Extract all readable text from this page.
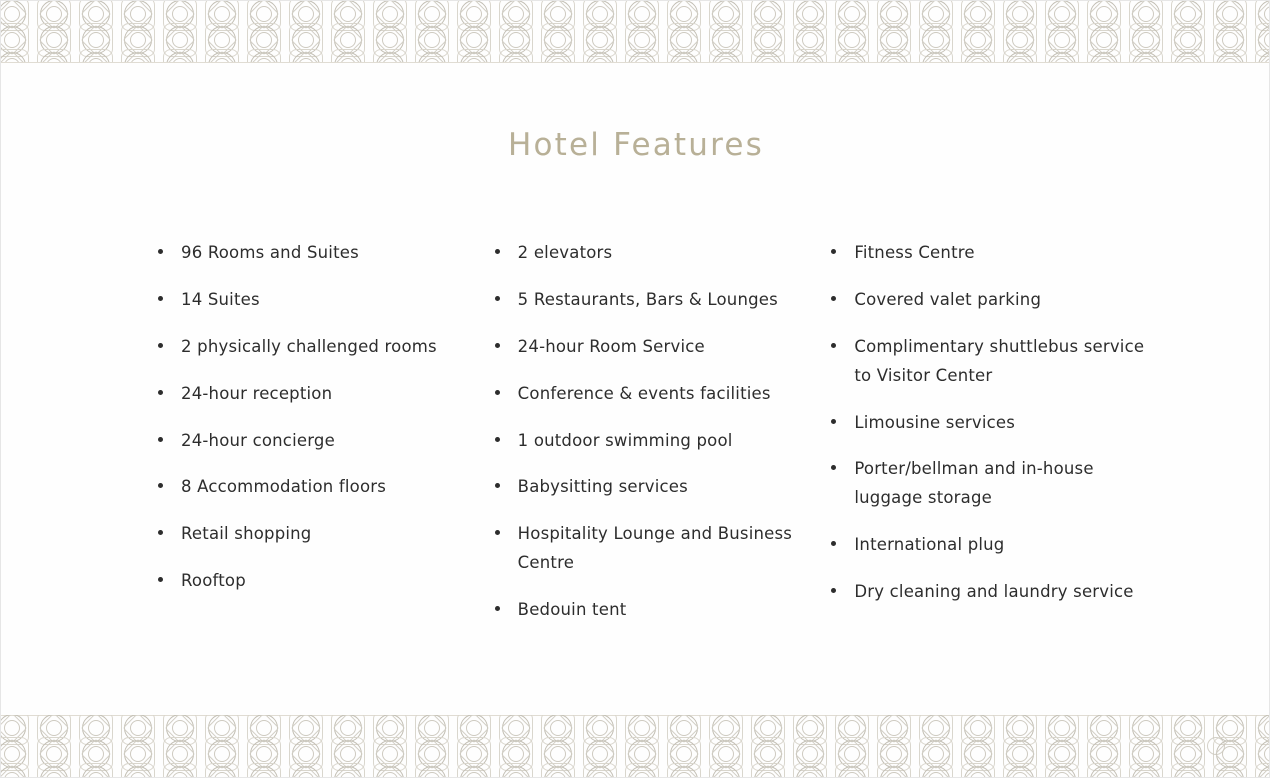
Hotel Features
96 Rooms and Suites
14 Suites
2 physically challenged rooms
24-hour reception
24-hour concierge
8 Accommodation floors
Retail shopping
Rooftop
2 elevators
5 Restaurants, Bars & Lounges
24-hour Room Service
Conference & events facilities
1 outdoor swimming pool
Babysitting services
Hospitality Lounge and Business Centre
Bedouin tent
Fitness Centre
Covered valet parking
Complimentary shuttlebus service to Visitor Center
Limousine services
Porter/bellman and in-house luggage storage
International plug
Dry cleaning and laundry service
